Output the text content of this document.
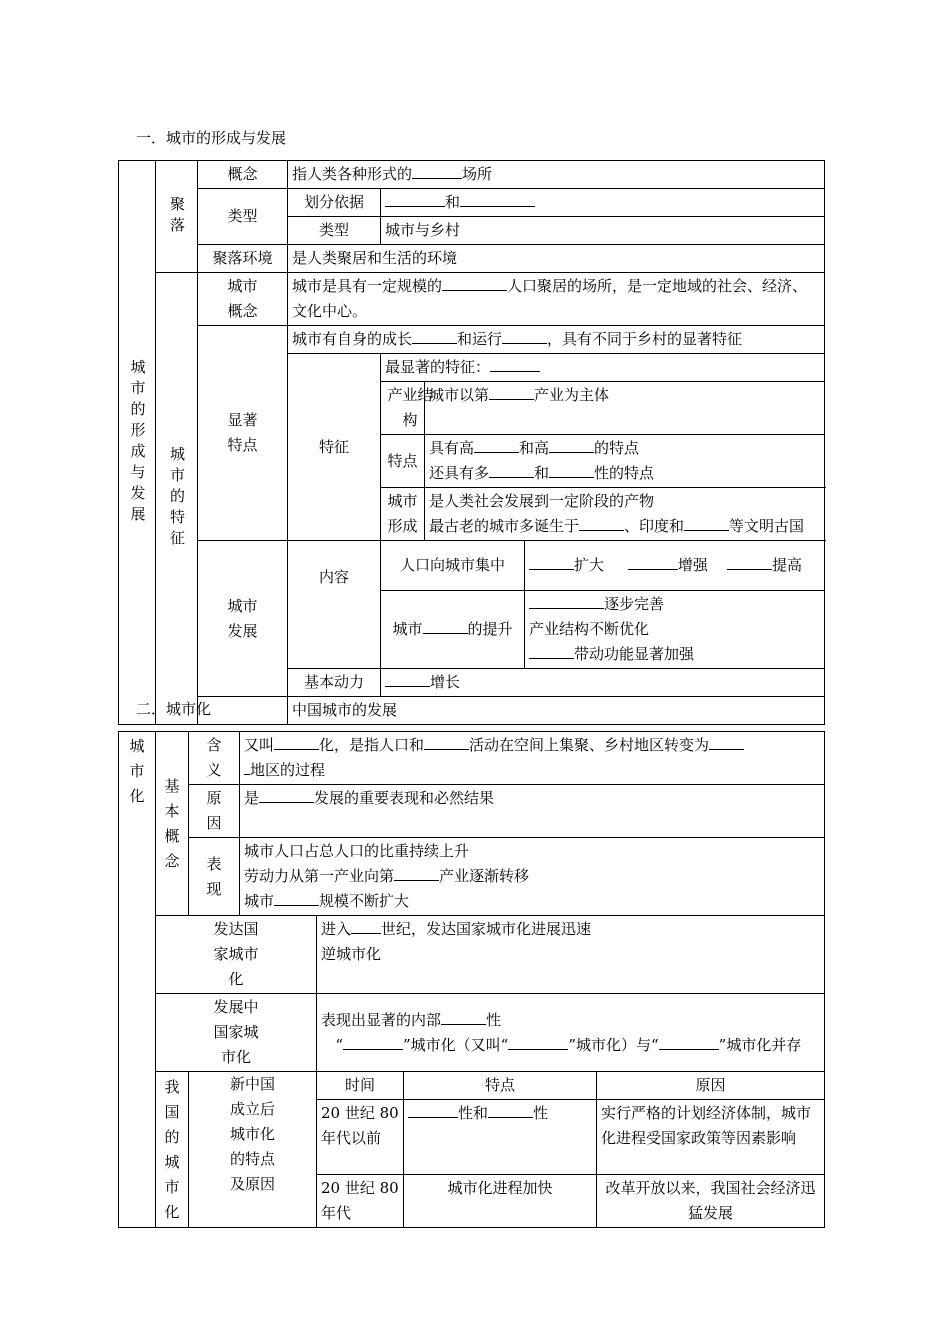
一．城市的形成与发展
城市的形成与发展	聚落	概念	指人类各种形式的 场所			
		类型	划分依据	和		
			类型	城市与乡村		
		聚落环境	是人类聚居和生活的环境			

	城市的特征	城市概念	城市是具有一定规模的 人口聚居的场所，是一定地域的社会、经济、文化中心。			
		显著特点	城市有自身的成长 和运行 ，具有不同于乡村的显著特征			
			特征	最显著的特征：		
				产业结构	城市以第 产业为主体	
				特点	具有高 和高 的特点
还具有多 和 性的特点	

				城市形成	是人类社会发展到一定阶段的产物
最古老的城市多诞生于 、印度和 等文明古国	

		城市发展	内容	人口向城市集中		扩大 增强 提高
				城市 的提升		逐步完善
产业结构不断优化
带动功能显著加强

			基本动力	增长		
			中国城市的发展			
二．城市化
城市化	基本概念	含义	又叫 化，是指人口和 活动在空间上集聚、乡村地区转变为
地区的过程			
		原因	是 发展的重要表现和必然结果			
		表现	城市人口占总人口的比重持续上升
劳动力从第一产业向第 产业逐渐转移
城市 规模不断扩大			

	发达国家城市化			进入 世纪，发达国家城市化进展迅速
逆城市化		

	发展中国家城市化			表现出显著的内部 性
“ ”城市化（又叫“ ”城市化）与“ ”城市化并存		

	我国的城市化	新中国成立后城市化的特点及原因		时间	特点	原因
				20 世纪 80 年代以前	性和 性	实行严格的计划经济体制，城市化进程受国家政策等因素影响
				20 世纪 80 年代	城市化进程加快	改革开放以来，我国社会经济迅猛发展
